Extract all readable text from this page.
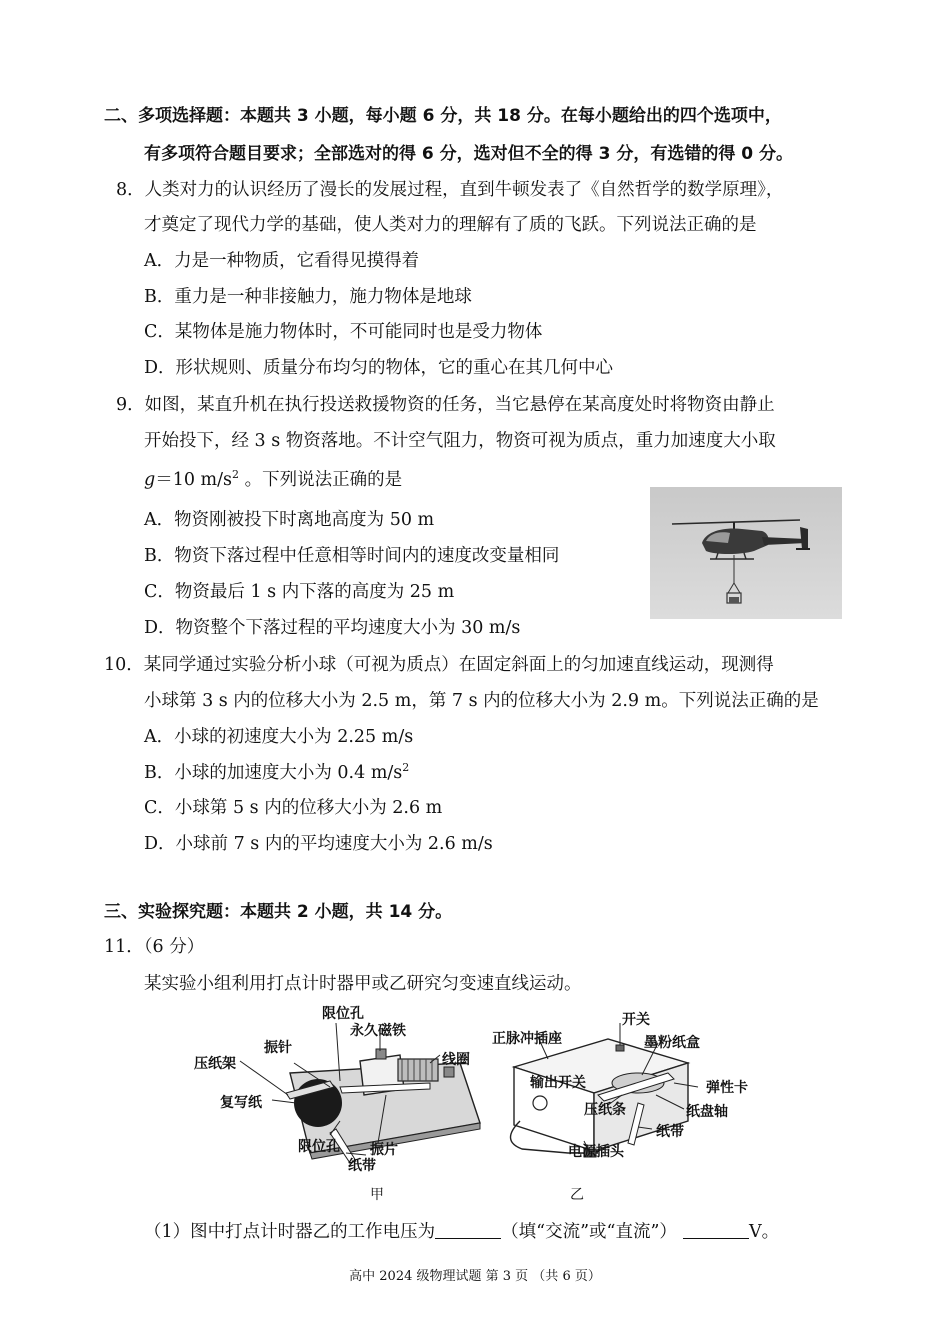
二、多项选择题：本题共 3 小题，每小题 6 分，共 18 分。在每小题给出的四个选项中，
有多项符合题目要求；全部选对的得 6 分，选对但不全的得 3 分，有选错的得 0 分。
8．人类对力的认识经历了漫长的发展过程，直到牛顿发表了《自然哲学的数学原理》，
才奠定了现代力学的基础，使人类对力的理解有了质的飞跃。下列说法正确的是
A．力是一种物质，它看得见摸得着
B．重力是一种非接触力，施力物体是地球
C．某物体是施力物体时，不可能同时也是受力物体
D．形状规则、质量分布均匀的物体，它的重心在其几何中心
9．如图，某直升机在执行投送救援物资的任务，当它悬停在某高度处时将物资由静止
开始投下，经 3 s 物资落地。不计空气阻力，物资可视为质点，重力加速度大小取
g＝10 $m/s^2$ 。下列说法正确的是
A．物资刚被投下时离地高度为 50 m
B．物资下落过程中任意相等时间内的速度改变量相同
C．物资最后 1 s 内下落的高度为 25 m
D．物资整个下落过程的平均速度大小为 30 m/s
10．某同学通过实验分析小球（可视为质点）在固定斜面上的匀加速直线运动，现测得
小球第 3 s 内的位移大小为 2.5 m，第 7 s 内的位移大小为 2.9 m。下列说法正确的是
A．小球的初速度大小为 2.25 m/s
B．小球的加速度大小为 0.4 $m/s^2$
C．小球第 5 s 内的位移大小为 2.6 m
D．小球前 7 s 内的平均速度大小为 2.6 m/s
三、实验探究题：本题共 2 小题，共 14 分。
11．（6 分）
某实验小组利用打点计时器甲或乙研究匀变速直线运动。
限位孔
永久磁铁
振针
压纸架	线圈
复写纸
限位孔 振片
纸带
甲
开关
正脉冲插座	墨粉纸盒
输出开关	弹性卡
压纸条	纸盘轴
纸带
电源插头
乙
（1）图中打点计时器乙的工作电压为	（填“交流”或“直流”）	V。
高中 2024 级物理试题 第 3 页 （共 6 页）
